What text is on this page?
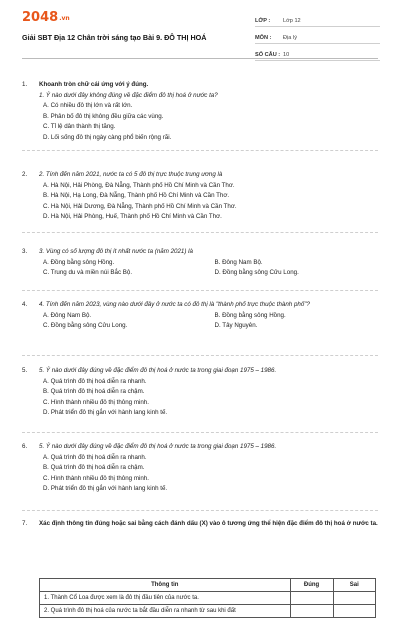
2048.vn
Giải SBT Địa 12 Chân trời sáng tạo Bài 9. ĐÔ THỊ HOÁ
LỚP :	Lớp 12
MÔN :	Địa lý
SỐ CÂU : 10
1. Khoanh tròn chữ cái ứng với ý đúng.
1. Ý nào dưới đây không đúng về đặc điểm đô thị hoá ở nước ta?
A. Có nhiều đô thị lớn và rất lớn.
B. Phân bố đô thị không đều giữa các vùng.
C. Tỉ lệ dân thành thị tăng.
D. Lối sống đô thị ngày càng phổ biến rộng rãi.
2. 2. Tính đến năm 2021, nước ta có 5 đô thị trực thuộc trung ương là
A. Hà Nội, Hải Phòng, Đà Nẵng, Thành phố Hồ Chí Minh và Cần Thơ.
B. Hà Nội, Hạ Long, Đà Nẵng, Thành phố Hồ Chí Minh và Cần Thơ.
C. Hà Nội, Hải Dương, Đà Nẵng, Thành phố Hồ Chí Minh và Cần Thơ.
D. Hà Nội, Hải Phòng, Huế, Thành phố Hồ Chí Minh và Cần Thơ.
3. 3. Vùng có số lượng đô thị ít nhất nước ta (năm 2021) là
A. Đồng bằng sông Hồng.	B. Đông Nam Bộ.
C. Trung du và miền núi Bắc Bộ.	D. Đồng bằng sông Cửu Long.
4. 4. Tính đến năm 2023, vùng nào dưới đây ở nước ta có đô thị là "thành phố trực thuộc thành phố"?
A. Đông Nam Bộ.	B. Đồng bằng sông Hồng.
C. Đồng bằng sông Cửu Long.	D. Tây Nguyên.
5. 5. Ý nào dưới đây đúng về đặc điểm đô thị hoá ở nước ta trong giai đoạn 1975 – 1986.
A. Quá trình đô thị hoá diễn ra nhanh.
B. Quá trình đô thị hoá diễn ra chậm.
C. Hình thành nhiều đô thị thông minh.
D. Phát triển đô thị gắn với hành lang kinh tế.
6. 5. Ý nào dưới đây đúng về đặc điểm đô thị hoá ở nước ta trong giai đoạn 1975 – 1986.
A. Quá trình đô thị hoá diễn ra nhanh.
B. Quá trình đô thị hoá diễn ra chậm.
C. Hình thành nhiều đô thị thông minh.
D. Phát triển đô thị gắn với hành lang kinh tế.
7. Xác định thông tin đúng hoặc sai bằng cách đánh dấu (X) vào ô tương ứng thể hiện đặc điểm đô thị hoá ở nước ta.
Thông tin	Đúng	Sai
1. Thành Cổ Loa được xem là đô thị đầu tiên của nước ta.		
2. Quá trình đô thị hoá của nước ta bắt đầu diễn ra nhanh từ sau khi đất		
